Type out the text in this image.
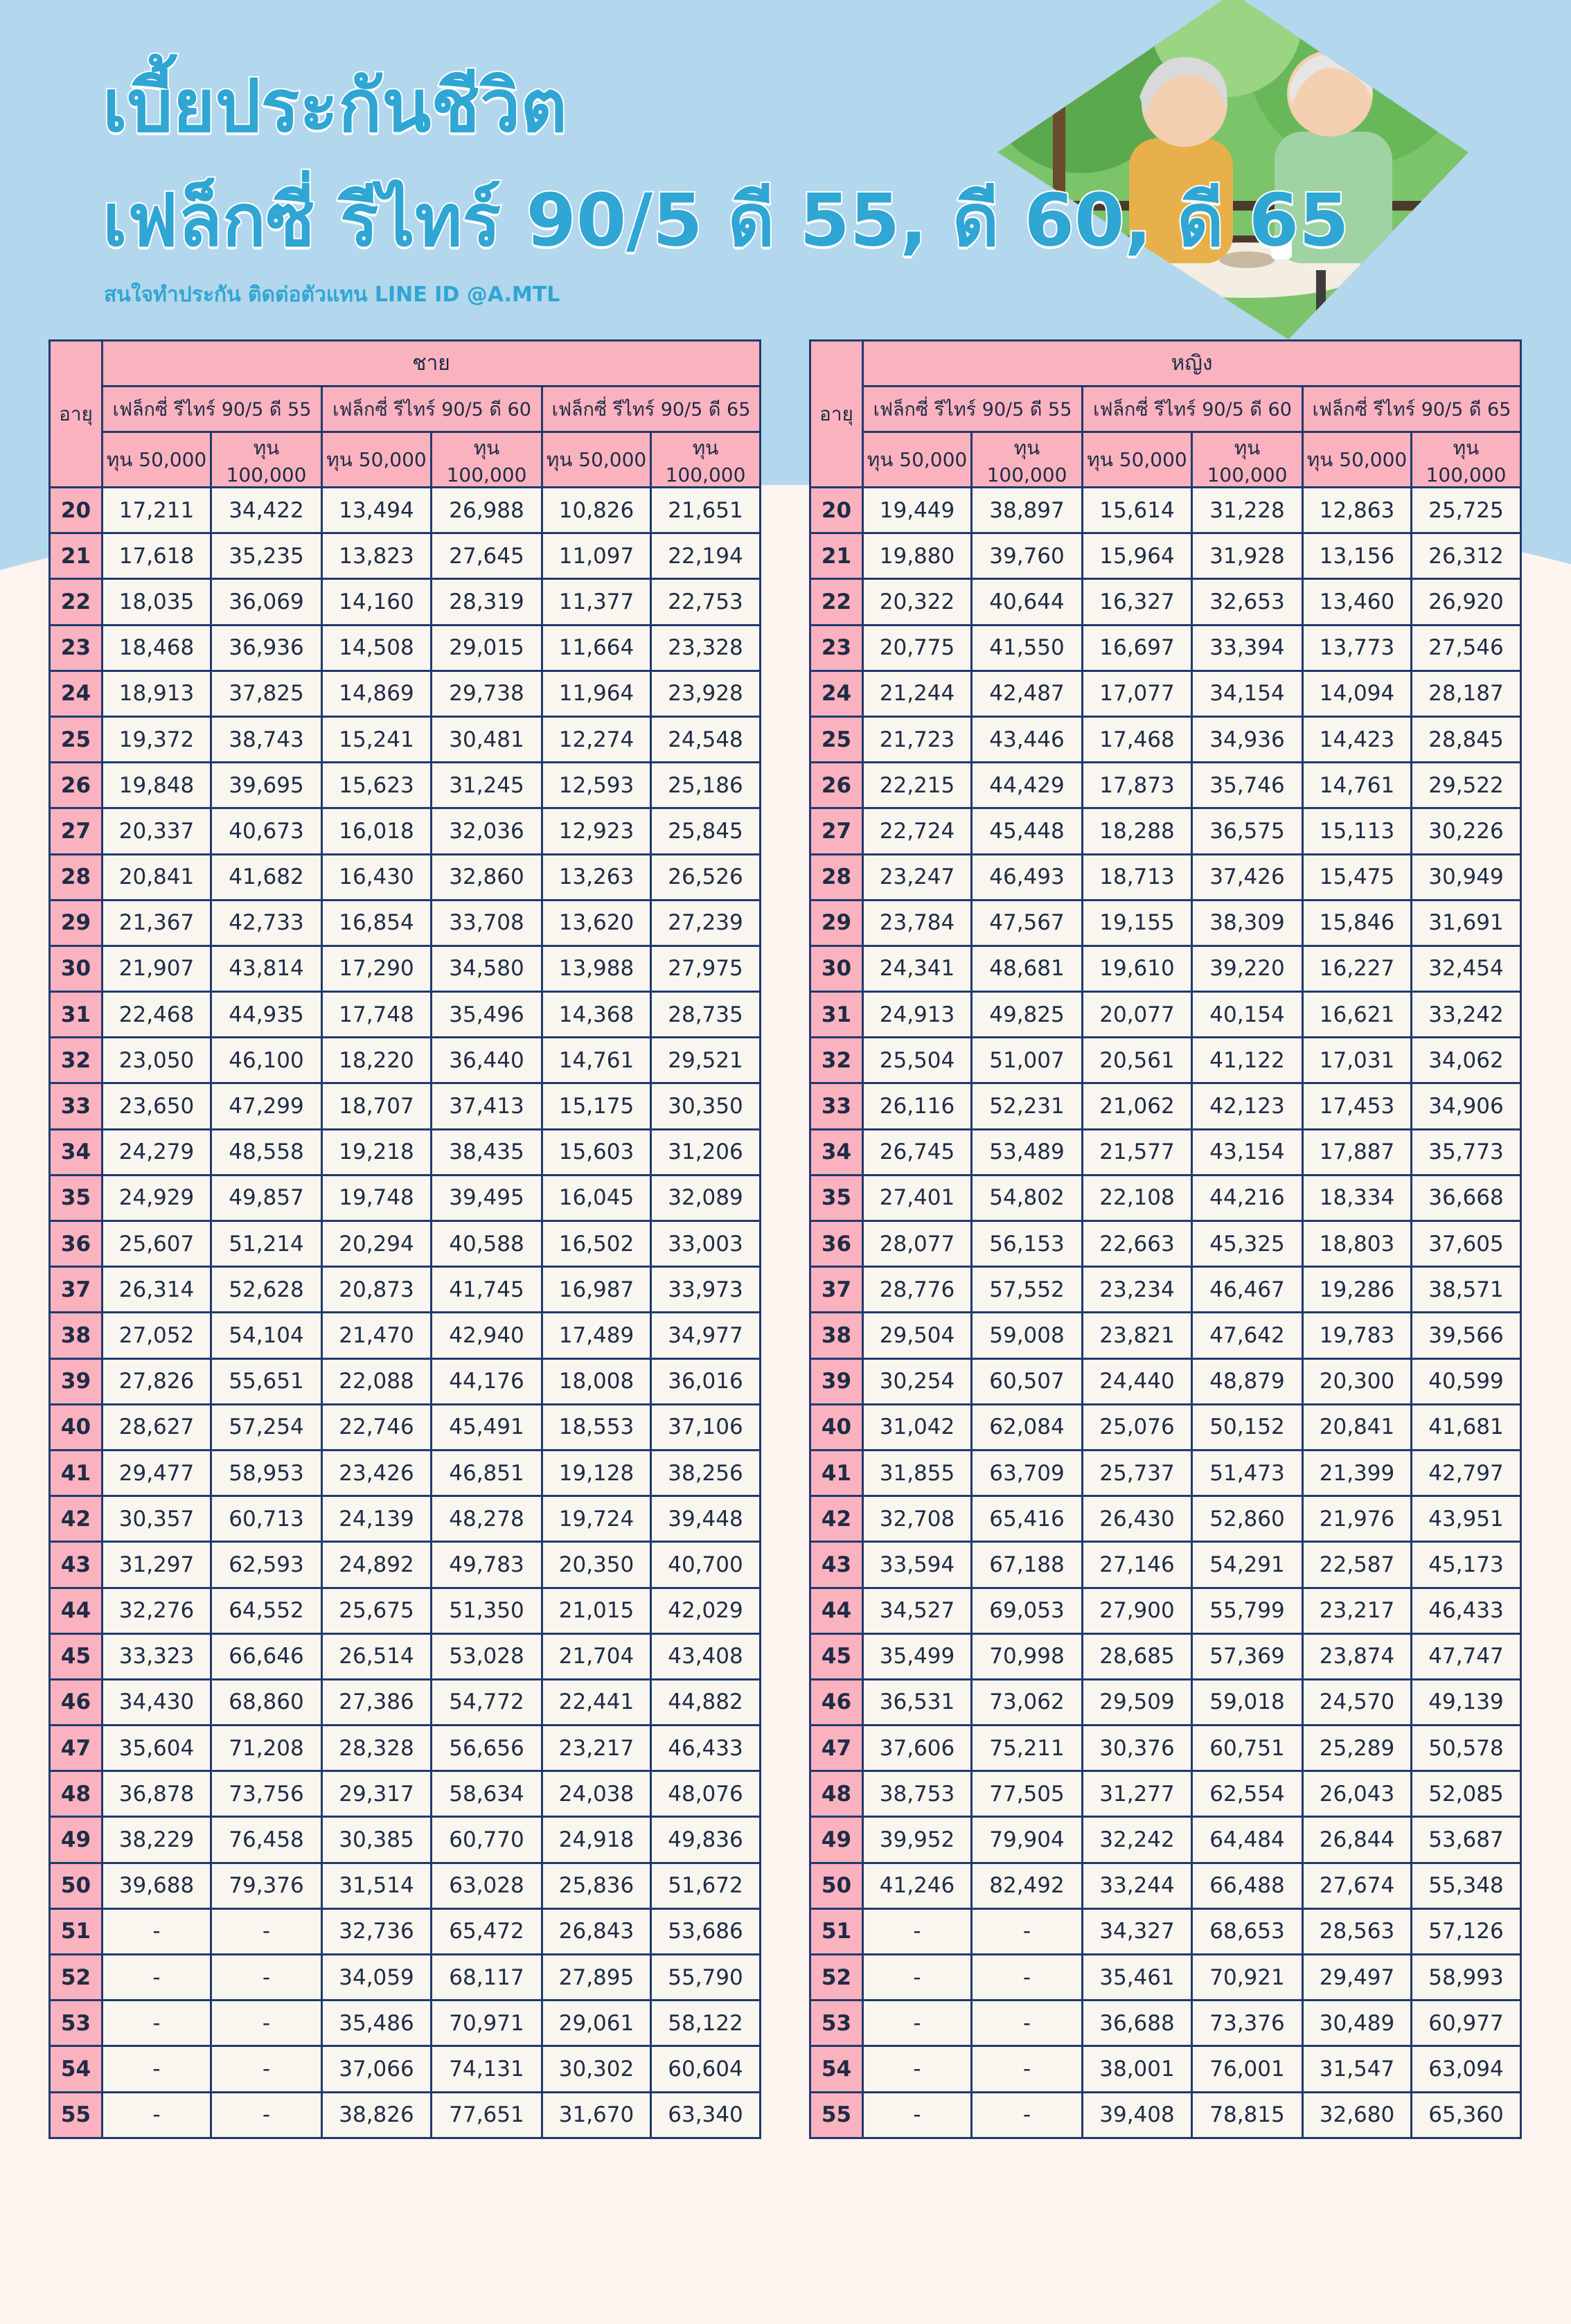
เบี้ยประกันชีวิต
เฟล็กซี่ รีไทร์ 90/5 ดี 55, ดี 60, ดี 65
สนใจทำประกัน ติดต่อตัวแทน LINE ID @A.MTL
อายุ	ชาย					
	เฟล็กซี่ รีไทร์ 90/5 ดี 55		เฟล็กซี่ รีไทร์ 90/5 ดี 60		เฟล็กซี่ รีไทร์ 90/5 ดี 65	
	ทุน 50,000	ทุน 100,000	ทุน 50,000	ทุน 100,000	ทุน 50,000	ทุน 100,000
20	17,211	34,422	13,494	26,988	10,826	21,651
21	17,618	35,235	13,823	27,645	11,097	22,194
22	18,035	36,069	14,160	28,319	11,377	22,753
23	18,468	36,936	14,508	29,015	11,664	23,328
24	18,913	37,825	14,869	29,738	11,964	23,928
25	19,372	38,743	15,241	30,481	12,274	24,548
26	19,848	39,695	15,623	31,245	12,593	25,186
27	20,337	40,673	16,018	32,036	12,923	25,845
28	20,841	41,682	16,430	32,860	13,263	26,526
29	21,367	42,733	16,854	33,708	13,620	27,239
30	21,907	43,814	17,290	34,580	13,988	27,975
31	22,468	44,935	17,748	35,496	14,368	28,735
32	23,050	46,100	18,220	36,440	14,761	29,521
33	23,650	47,299	18,707	37,413	15,175	30,350
34	24,279	48,558	19,218	38,435	15,603	31,206
35	24,929	49,857	19,748	39,495	16,045	32,089
36	25,607	51,214	20,294	40,588	16,502	33,003
37	26,314	52,628	20,873	41,745	16,987	33,973
38	27,052	54,104	21,470	42,940	17,489	34,977
39	27,826	55,651	22,088	44,176	18,008	36,016
40	28,627	57,254	22,746	45,491	18,553	37,106
41	29,477	58,953	23,426	46,851	19,128	38,256
42	30,357	60,713	24,139	48,278	19,724	39,448
43	31,297	62,593	24,892	49,783	20,350	40,700
44	32,276	64,552	25,675	51,350	21,015	42,029
45	33,323	66,646	26,514	53,028	21,704	43,408
46	34,430	68,860	27,386	54,772	22,441	44,882
47	35,604	71,208	28,328	56,656	23,217	46,433
48	36,878	73,756	29,317	58,634	24,038	48,076
49	38,229	76,458	30,385	60,770	24,918	49,836
50	39,688	79,376	31,514	63,028	25,836	51,672
51	-	-	32,736	65,472	26,843	53,686
52	-	-	34,059	68,117	27,895	55,790
53	-	-	35,486	70,971	29,061	58,122
54	-	-	37,066	74,131	30,302	60,604
55	-	-	38,826	77,651	31,670	63,340
อายุ	หญิง					
	เฟล็กซี่ รีไทร์ 90/5 ดี 55		เฟล็กซี่ รีไทร์ 90/5 ดี 60		เฟล็กซี่ รีไทร์ 90/5 ดี 65	
	ทุน 50,000	ทุน 100,000	ทุน 50,000	ทุน 100,000	ทุน 50,000	ทุน 100,000
20	19,449	38,897	15,614	31,228	12,863	25,725
21	19,880	39,760	15,964	31,928	13,156	26,312
22	20,322	40,644	16,327	32,653	13,460	26,920
23	20,775	41,550	16,697	33,394	13,773	27,546
24	21,244	42,487	17,077	34,154	14,094	28,187
25	21,723	43,446	17,468	34,936	14,423	28,845
26	22,215	44,429	17,873	35,746	14,761	29,522
27	22,724	45,448	18,288	36,575	15,113	30,226
28	23,247	46,493	18,713	37,426	15,475	30,949
29	23,784	47,567	19,155	38,309	15,846	31,691
30	24,341	48,681	19,610	39,220	16,227	32,454
31	24,913	49,825	20,077	40,154	16,621	33,242
32	25,504	51,007	20,561	41,122	17,031	34,062
33	26,116	52,231	21,062	42,123	17,453	34,906
34	26,745	53,489	21,577	43,154	17,887	35,773
35	27,401	54,802	22,108	44,216	18,334	36,668
36	28,077	56,153	22,663	45,325	18,803	37,605
37	28,776	57,552	23,234	46,467	19,286	38,571
38	29,504	59,008	23,821	47,642	19,783	39,566
39	30,254	60,507	24,440	48,879	20,300	40,599
40	31,042	62,084	25,076	50,152	20,841	41,681
41	31,855	63,709	25,737	51,473	21,399	42,797
42	32,708	65,416	26,430	52,860	21,976	43,951
43	33,594	67,188	27,146	54,291	22,587	45,173
44	34,527	69,053	27,900	55,799	23,217	46,433
45	35,499	70,998	28,685	57,369	23,874	47,747
46	36,531	73,062	29,509	59,018	24,570	49,139
47	37,606	75,211	30,376	60,751	25,289	50,578
48	38,753	77,505	31,277	62,554	26,043	52,085
49	39,952	79,904	32,242	64,484	26,844	53,687
50	41,246	82,492	33,244	66,488	27,674	55,348
51	-	-	34,327	68,653	28,563	57,126
52	-	-	35,461	70,921	29,497	58,993
53	-	-	36,688	73,376	30,489	60,977
54	-	-	38,001	76,001	31,547	63,094
55	-	-	39,408	78,815	32,680	65,360
